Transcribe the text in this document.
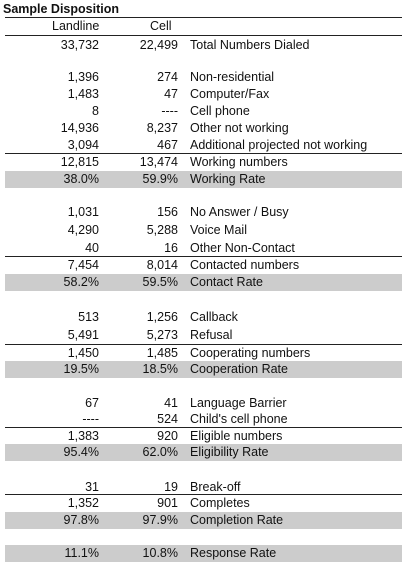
Sample Disposition
Landline	Cell
33,732	22,499 Total Numbers Dialed
1,396	274 Non-residential
1,483	47 Computer/Fax
8	---- Cell phone
14,936	8,237 Other not working
3,094	467 Additional projected not working
12,815	13,474 Working numbers
38.0%	59.9% Working Rate
1,031	156 No Answer / Busy
4,290	5,288 Voice Mail
40	16 Other Non-Contact
7,454	8,014 Contacted numbers
58.2%	59.5% Contact Rate
513	1,256 Callback
5,491	5,273 Refusal
1,450	1,485 Cooperating numbers
19.5%	18.5% Cooperation Rate
67	41 Language Barrier
----	524 Child's cell phone
1,383	920 Eligible numbers
95.4%	62.0% Eligibility Rate
31	19 Break-off
1,352	901 Completes
97.8%	97.9% Completion Rate
11.1%	10.8% Response Rate
